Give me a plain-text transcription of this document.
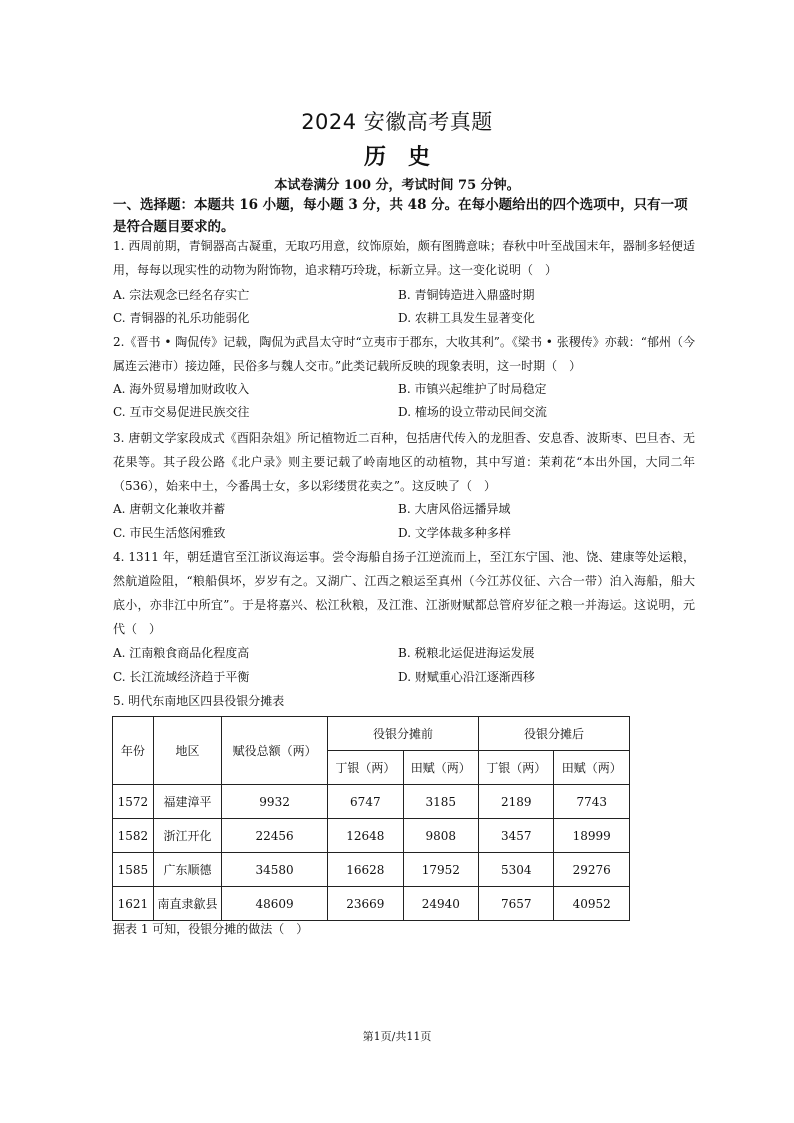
2024 安徽高考真题
历史
本试卷满分 100 分，考试时间 75 分钟。
一、选择题：本题共 16 小题，每小题 3 分，共 48 分。在每小题给出的四个选项中，只有一项是符合题目要求的。
1. 西周前期，青铜器高古凝重，无取巧用意，纹饰原始，颇有图腾意味；春秋中叶至战国末年，器制多轻便适用，每每以现实性的动物为附饰物，追求精巧玲珑，标新立异。这一变化说明（　）
A. 宗法观念已经名存实亡	B. 青铜铸造进入鼎盛时期
C. 青铜器的礼乐功能弱化	D. 农耕工具发生显著变化
2.《晋书 • 陶侃传》记载，陶侃为武昌太守时“立夷市于郡东，大收其利”。《梁书 • 张稷传》亦载：“郁州（今属连云港市）接边陲，民俗多与魏人交市。”此类记载所反映的现象表明，这一时期（　）
A. 海外贸易增加财政收入	B. 市镇兴起维护了时局稳定
C. 互市交易促进民族交往	D. 榷场的设立带动民间交流
3. 唐朝文学家段成式《酉阳杂俎》所记植物近二百种，包括唐代传入的龙胆香、安息香、波斯枣、巴旦杏、无花果等。其子段公路《北户录》则主要记载了岭南地区的动植物，其中写道：茉莉花“本出外国，大同二年（536），始来中土，今番禺士女，多以彩缕贯花卖之”。这反映了（　）
A. 唐朝文化兼收并蓄	B. 大唐风俗远播异域
C. 市民生活悠闲雅致	D. 文学体裁多种多样
4. 1311 年，朝廷遣官至江浙议海运事。尝令海船自扬子江逆流而上，至江东宁国、池、饶、建康等处运粮，然航道险阻，“粮船俱坏，岁岁有之。又湖广、江西之粮运至真州（今江苏仪征、六合一带）泊入海船，船大底小，亦非江中所宜”。于是将嘉兴、松江秋粮，及江淮、江浙财赋都总管府岁征之粮一并海运。这说明，元代（　）
A. 江南粮食商品化程度高	B. 税粮北运促进海运发展
C. 长江流域经济趋于平衡	D. 财赋重心沿江逐渐西移
5. 明代东南地区四县役银分摊表
年份	地区	赋役总额（两）	役银分摊前		役银分摊后	
			丁银（两）	田赋（两）	丁银（两）	田赋（两）
1572	福建漳平	9932	6747	3185	2189	7743
1582	浙江开化	22456	12648	9808	3457	18999
1585	广东顺德	34580	16628	17952	5304	29276
1621	南直隶歙县	48609	23669	24940	7657	40952
据表 1 可知，役银分摊的做法（　）
第1页/共11页
